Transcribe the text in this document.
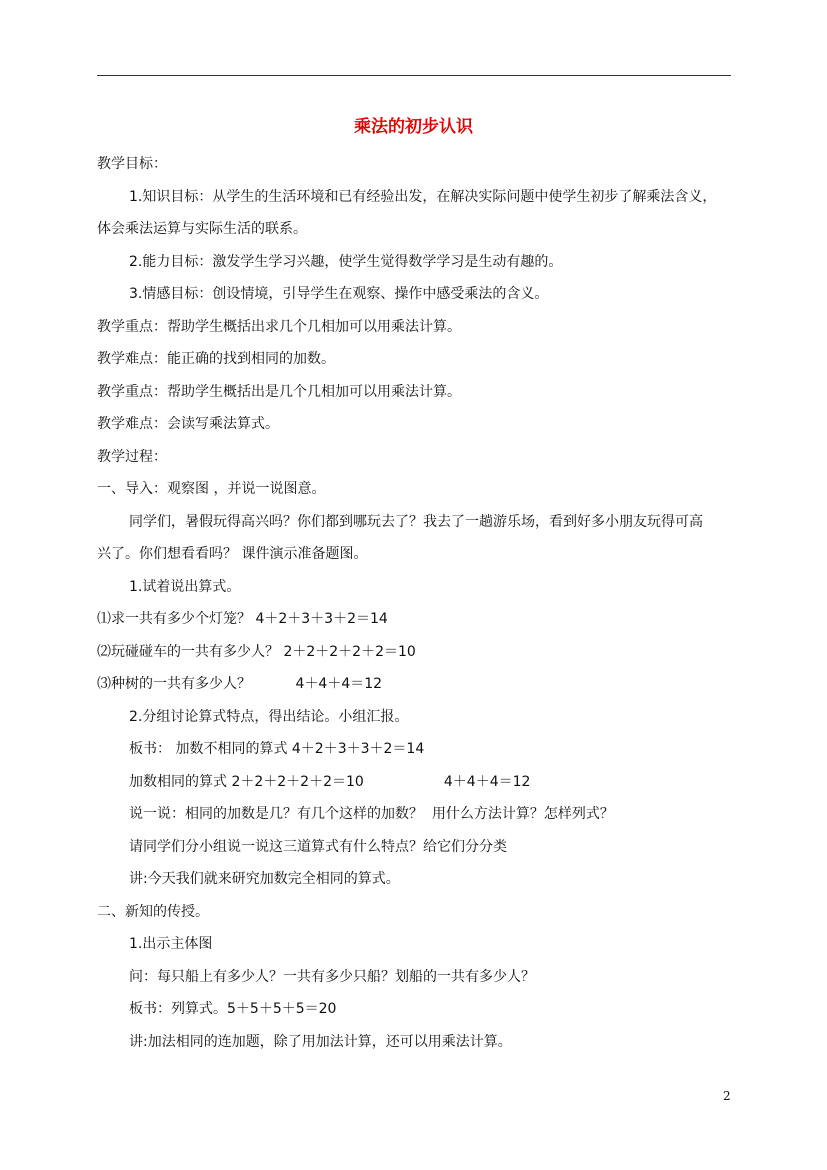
乘法的初步认识

教学目标：

1.知识目标：从学生的生活环境和已有经验出发，在解决实际问题中使学生初步了解乘法含义，

体会乘法运算与实际生活的联系。

2.能力目标：激发学生学习兴趣，使学生觉得数学学习是生动有趣的。

3.情感目标：创设情境，引导学生在观察、操作中感受乘法的含义。

教学重点：帮助学生概括出求几个几相加可以用乘法计算。

教学难点：能正确的找到相同的加数。

教学重点：帮助学生概括出是几个几相加可以用乘法计算。

教学难点：会读写乘法算式。

教学过程：

一、导入：观察图 ，并说一说图意。

同学们，暑假玩得高兴吗？你们都到哪玩去了？我去了一趟游乐场，看到好多小朋友玩得可高

兴了。你们想看看吗？ 课件演示准备题图。

1.试着说出算式。

⑴求一共有多少个灯笼？ 4＋2＋3＋3＋2＝14

⑵玩碰碰车的一共有多少人？ 2＋2＋2＋2＋2＝10

⑶种树的一共有多少人？          4＋4＋4＝12

2.分组讨论算式特点，得出结论。小组汇报。

板书： 加数不相同的算式 4＋2＋3＋3＋2＝14

加数相同的算式 2＋2＋2＋2＋2＝10                  4＋4＋4＝12

说一说：相同的加数是几？有几个这样的加数？  用什么方法计算？怎样列式？

请同学们分小组说一说这三道算式有什么特点？给它们分分类

讲:今天我们就来研究加数完全相同的算式。

二、新知的传授。

1.出示主体图

问：每只船上有多少人？一共有多少只船？划船的一共有多少人？

板书：列算式。5＋5＋5＋5＝20

讲:加法相同的连加题，除了用加法计算，还可以用乘法计算。

2
